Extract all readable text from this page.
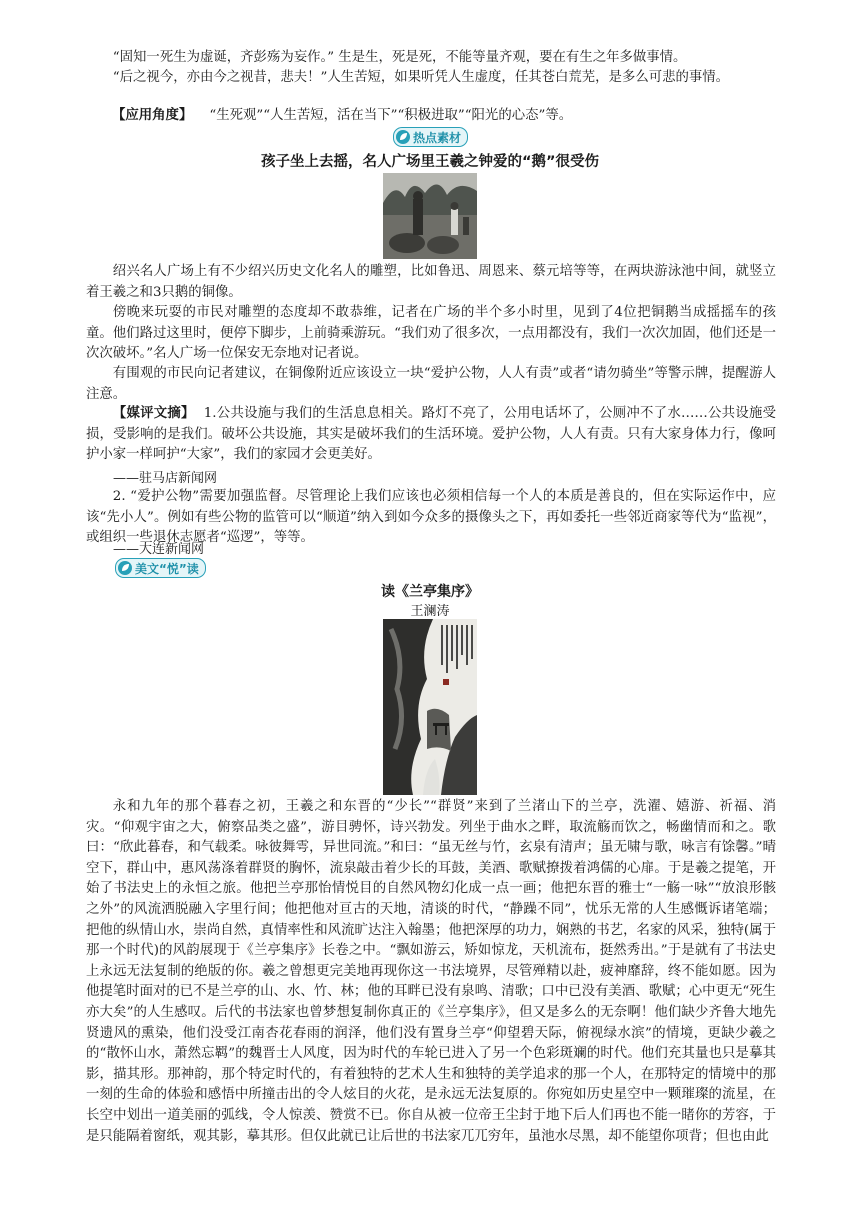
“固知一死生为虚诞，齐彭殇为妄作。” 生是生，死是死，不能等量齐观，要在有生之年多做事情。

“后之视今，亦由今之视昔，悲夫！”人生苦短，如果听凭人生虚度，任其苍白荒芜，是多么可悲的事情。

【应用角度】 “生死观”“人生苦短，活在当下”“积极进取”“阳光的心态”等。

热点素材
孩子坐上去摇，名人广场里王羲之钟爱的“鹅”很受伤

绍兴名人广场上有不少绍兴历史文化名人的雕塑，比如鲁迅、周恩来、蔡元培等等，在两块游泳池中间，就竖立着王羲之和3只鹅的铜像。

傍晚来玩耍的市民对雕塑的态度却不敢恭维，记者在广场的半个多小时里，见到了4位把铜鹅当成摇摇车的孩童。他们路过这里时，便停下脚步，上前骑乘游玩。“我们劝了很多次，一点用都没有，我们一次次加固，他们还是一次次破坏。”名人广场一位保安无奈地对记者说。

有围观的市民向记者建议，在铜像附近应该设立一块“爱护公物，人人有责”或者“请勿骑坐”等警示牌，提醒游人注意。

【媒评文摘】 1.公共设施与我们的生活息息相关。路灯不亮了，公用电话坏了，公厕冲不了水……公共设施受损，受影响的是我们。破坏公共设施，其实是破坏我们的生活环境。爱护公物，人人有责。只有大家身体力行，像呵护小家一样呵护“大家”，我们的家园才会更美好。

——驻马店新闻网

2. “爱护公物”需要加强监督。尽管理论上我们应该也必须相信每一个人的本质是善良的，但在实际运作中，应该“先小人”。例如有些公物的监管可以“顺道”纳入到如今众多的摄像头之下，再如委托一些邻近商家等代为“监视”，或组织一些退休志愿者“巡逻”，等等。

——大连新闻网
美文“悦”读
读《兰亭集序》
王澜涛

永和九年的那个暮春之初，王羲之和东晋的“少长”“群贤”来到了兰渚山下的兰亭，洗濯、嬉游、祈福、消灾。“仰观宇宙之大，俯察品类之盛”，游目骋怀，诗兴勃发。列坐于曲水之畔，取流觞而饮之，畅幽情而和之。歌曰：“欣此暮春，和气载柔。咏彼舞雩，异世同流。”和曰：“虽无丝与竹，玄泉有清声；虽无啸与歌，咏言有馀馨。”晴空下，群山中，惠风荡涤着群贤的胸怀，流泉敲击着少长的耳鼓，美酒、歌赋撩拨着鸿儒的心扉。于是羲之提笔，开始了书法史上的永恒之旅。他把兰亭那怡情悦目的自然风物幻化成一点一画；他把东晋的雅士“一觞一咏”“放浪形骸之外”的风流洒脱融入字里行间；他把他对亘古的天地，清谈的时代，“静躁不同”，忧乐无常的人生感慨诉诸笔端；把他的纵情山水，崇尚自然，真情率性和风流旷达注入翰墨；他把深厚的功力，娴熟的书艺，名家的风采，独特(属于那一个时代)的风韵展现于《兰亭集序》长卷之中。“飘如游云，矫如惊龙，天机流布，挺然秀出。”于是就有了书法史上永远无法复制的绝版的你。羲之曾想更完美地再现你这一书法境界，尽管殚精以赴，疲神靡辞，终不能如愿。因为他提笔时面对的已不是兰亭的山、水、竹、林；他的耳畔已没有泉鸣、清歌；口中已没有美酒、歌赋；心中更无“死生亦大矣”的人生感叹。后代的书法家也曾梦想复制你真正的《兰亭集序》，但又是多么的无奈啊！他们缺少齐鲁大地先贤遗风的熏染，他们没受江南杏花春雨的润泽，他们没有置身兰亭“仰望碧天际，俯视绿水滨”的情境，更缺少羲之的“散怀山水，萧然忘羁”的魏晋士人风度，因为时代的车轮已进入了另一个色彩斑斓的时代。他们充其量也只是摹其影，描其形。那神韵，那个特定时代的，有着独特的艺术人生和独特的美学追求的那一个人，在那特定的情境中的那一刻的生命的体验和感悟中所撞击出的令人炫目的火花，是永远无法复原的。你宛如历史星空中一颗璀璨的流星，在长空中划出一道美丽的弧线，令人惊羡、赞赏不已。你自从被一位帝王尘封于地下后人们再也不能一睹你的芳容，于是只能隔着窗纸，观其影，摹其形。但仅此就已让后世的书法家兀兀穷年，虽池水尽黑，却不能望你项背；但也由此
